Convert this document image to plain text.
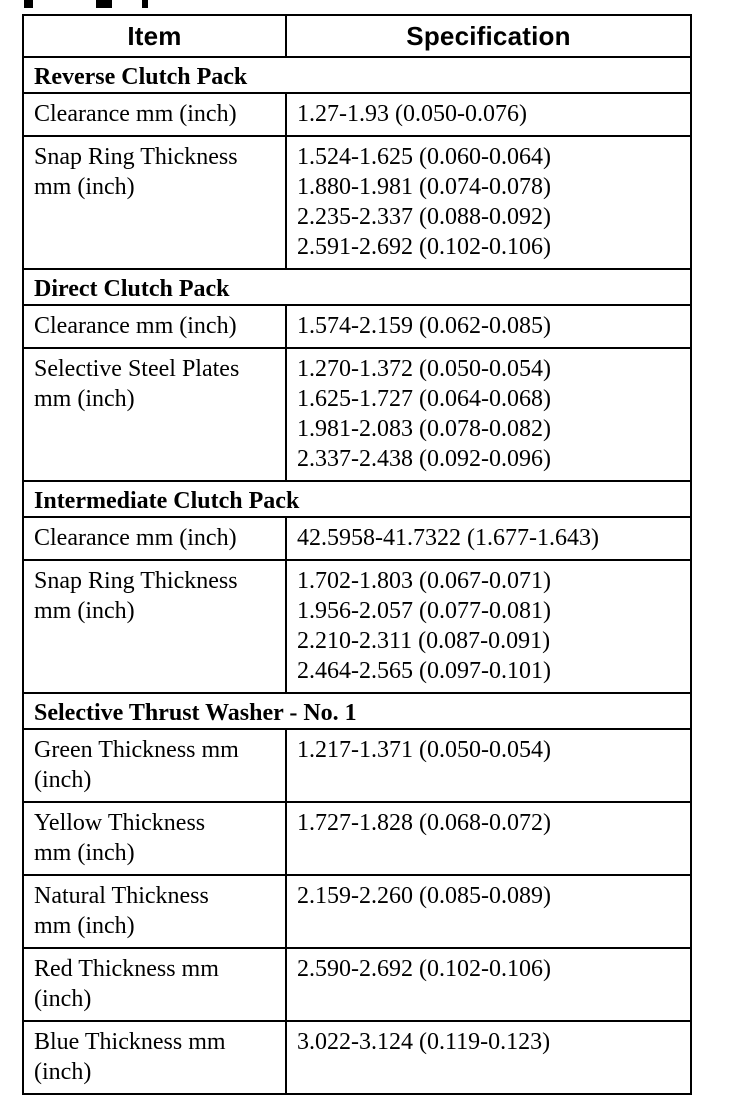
Item	Specification
Reverse Clutch Pack	

Clearance mm (inch)	1.27-1.93 (0.050-0.076)

Snap Ring Thickness
mm (inch)	1.524-1.625 (0.060-0.064)
1.880-1.981 (0.074-0.078)
2.235-2.337 (0.088-0.092)
2.591-2.692 (0.102-0.106)

Direct Clutch Pack	

Clearance mm (inch)	1.574-2.159 (0.062-0.085)

Selective Steel Plates
mm (inch)	1.270-1.372 (0.050-0.054)
1.625-1.727 (0.064-0.068)
1.981-2.083 (0.078-0.082)
2.337-2.438 (0.092-0.096)

Intermediate Clutch Pack	

Clearance mm (inch)	42.5958-41.7322 (1.677-1.643)

Snap Ring Thickness
mm (inch)	1.702-1.803 (0.067-0.071)
1.956-2.057 (0.077-0.081)
2.210-2.311 (0.087-0.091)
2.464-2.565 (0.097-0.101)

Selective Thrust Washer - No. 1	

Green Thickness mm
(inch)	1.217-1.371 (0.050-0.054)

Yellow Thickness
mm (inch)	1.727-1.828 (0.068-0.072)

Natural Thickness
mm (inch)	2.159-2.260 (0.085-0.089)

Red Thickness mm
(inch)	2.590-2.692 (0.102-0.106)

Blue Thickness mm
(inch)	3.022-3.124 (0.119-0.123)
